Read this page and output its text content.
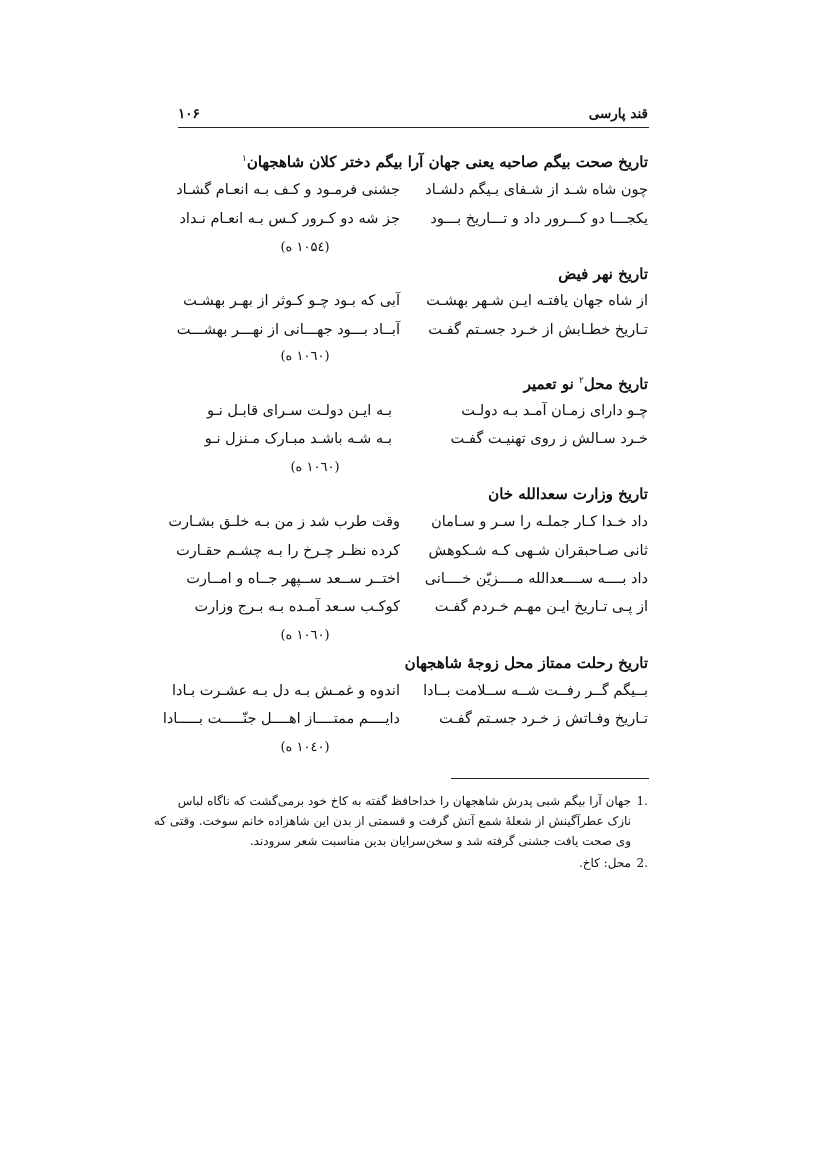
قند پارسی
۱۰۶
تاریخ صحت بیگم صاحبه یعنی جهان آرا بیگم دختر کلان شاهجهان$^۱$
چون شاه شـد از شـفای بـیگم دلشـاد
جشنی فرمـود و کـف بـه انعـام گشـاد
یکجـــا دو کـــرور داد و تـــاریخ بـــود
جز شه دو کـرور کـس بـه انعـام نـداد
(۱۰۵٤ ه)
تاریخ نهر فیض
از شاه جهان یافتـه ایـن شـهر بهشـت
آبی که بـود چـو کـوثر از بهـر بهشـت
تـاریخ خطـابش از خـرد جسـتم گفـت
آبــاد بـــود جهـــانی از نهـــر بهشـــت
(۱۰٦۰ ه)
تاریخ محل$^۲$ نو تعمیر
چـو دارای زمـان آمـد بـه دولـت
بـه ایـن دولـت سـرای قابـل نـو
خـرد سـالش ز روی تهنیـت گفـت
بـه شـه باشـد مبـارک مـنزل نـو
(۱۰٦۰ ه)
تاریخ وزارت سعدالله خان
داد خـدا کـار جملـه را سـر و سـامان
وقت طرب شد ز من بـه خلـق بشـارت
ثانی صـاحبقران شـهی کـه شـکوهش
کرده نظـر چـرخ را بـه چشـم حقـارت
داد بــــه ســــعدالله مــــزیّن خــــانی
اختــر ســعد ســپهر جــاه و امــارت
از پـی تـاریخ ایـن مهـم خـردم گفـت
کوکـب سـعد آمـده بـه بـرج وزارت
(۱۰٦۰ ه)
تاریخ رحلت ممتاز محل زوجهٔ شاهجهان
بــیگم گــر رفــت شــه ســلامت بــادا
اندوه و غمـش بـه دل بـه عشـرت بـادا
تـاریخ وفـاتش ز خـرد جسـتم گفـت
دایــــم ممتــــاز اهــــل جنّـــــت بـــــادا
(۱۰٤۰ ه)
1.
جهان آرا بیگم شبی پدرش شاهجهان را خداحافظ گفته به کاخ خود برمی‌گشت که ناگاه لباس
نازک عطرآگینش از شعلهٔ شمع آتش گرفت و قسمتی از بدن این شاهزاده خانم سوخت. وقتی که
وی صحت یافت جشنی گرفته شد و سخن‌سرایان بدین مناسبت شعر سرودند.
2.
محل: کاخ.
